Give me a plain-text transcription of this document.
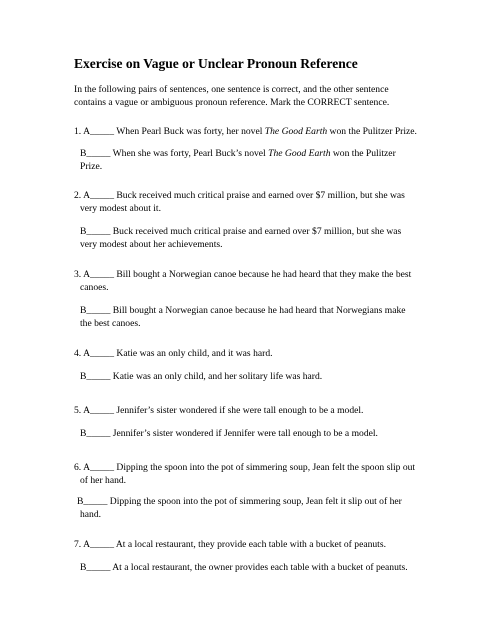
Exercise on Vague or Unclear Pronoun Reference
In the following pairs of sentences, one sentence is correct, and the other sentence
contains a vague or ambiguous pronoun reference. Mark the CORRECT sentence.
1. A_____ When Pearl Buck was forty, her novel The Good Earth won the Pulitzer Prize.
B_____ When she was forty, Pearl Buck’s novel The Good Earth won the Pulitzer
Prize.
2. A_____ Buck received much critical praise and earned over $7 million, but she was
very modest about it.
B_____ Buck received much critical praise and earned over $7 million, but she was
very modest about her achievements.
3. A_____ Bill bought a Norwegian canoe because he had heard that they make the best
canoes.
B_____ Bill bought a Norwegian canoe because he had heard that Norwegians make
the best canoes.
4. A_____ Katie was an only child, and it was hard.
B_____ Katie was an only child, and her solitary life was hard.
5. A_____ Jennifer’s sister wondered if she were tall enough to be a model.
B_____ Jennifer’s sister wondered if Jennifer were tall enough to be a model.
6. A_____ Dipping the spoon into the pot of simmering soup, Jean felt the spoon slip out
of her hand.
B_____ Dipping the spoon into the pot of simmering soup, Jean felt it slip out of her
hand.
7. A_____ At a local restaurant, they provide each table with a bucket of peanuts.
B_____ At a local restaurant, the owner provides each table with a bucket of peanuts.
